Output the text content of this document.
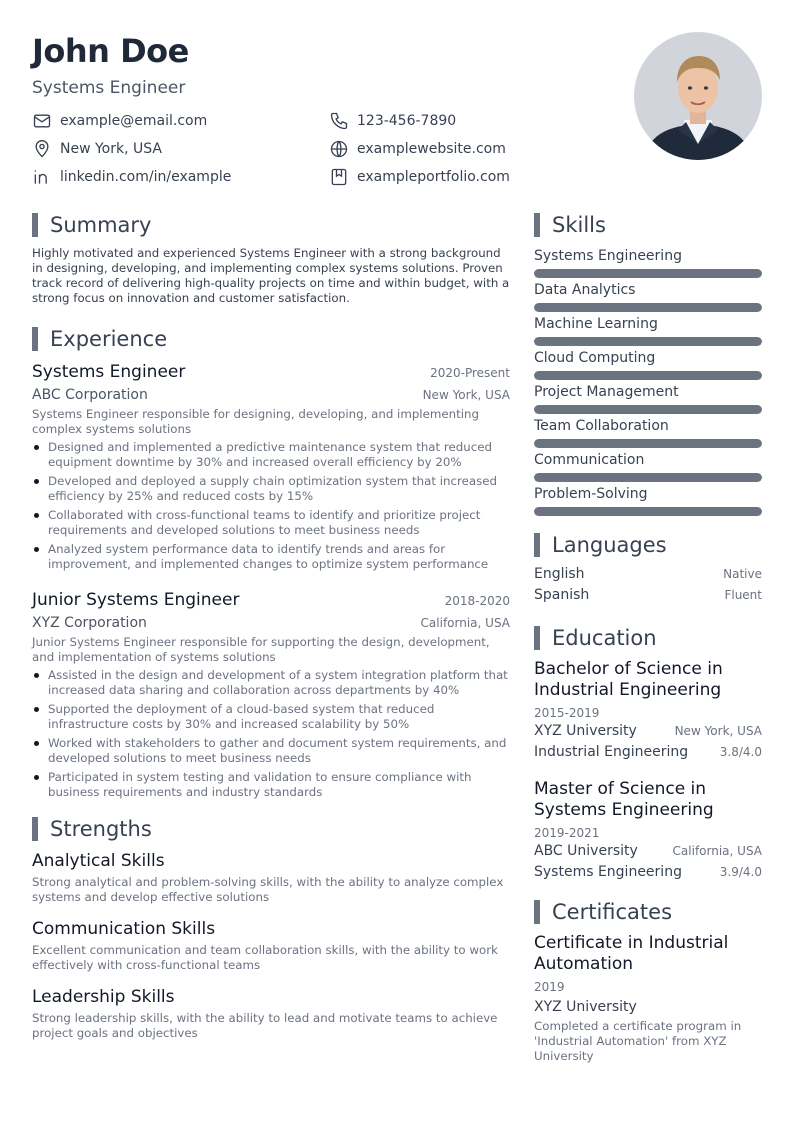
John Doe
Systems Engineer
example@email.com	123-456-7890
New York, USA	examplewebsite.com
linkedin.com/in/example	exampleportfolio.com
Summary

Highly motivated and experienced Systems Engineer with a strong background in designing, developing, and implementing complex systems solutions. Proven track record of delivering high-quality projects on time and within budget, with a strong focus on innovation and customer satisfaction.

Experience
Systems Engineer	2020-Present
ABC Corporation	New York, USA

Systems Engineer responsible for designing, developing, and implementing complex systems solutions

Designed and implemented a predictive maintenance system that reduced equipment downtime by 30% and increased overall efficiency by 20%
Developed and deployed a supply chain optimization system that increased efficiency by 25% and reduced costs by 15%
Collaborated with cross-functional teams to identify and prioritize project requirements and developed solutions to meet business needs
Analyzed system performance data to identify trends and areas for improvement, and implemented changes to optimize system performance
Junior Systems Engineer	2018-2020
XYZ Corporation	California, USA

Junior Systems Engineer responsible for supporting the design, development, and implementation of systems solutions

Assisted in the design and development of a system integration platform that increased data sharing and collaboration across departments by 40%
Supported the deployment of a cloud-based system that reduced infrastructure costs by 30% and increased scalability by 50%
Worked with stakeholders to gather and document system requirements, and developed solutions to meet business needs
Participated in system testing and validation to ensure compliance with business requirements and industry standards
Strengths
Analytical Skills

Strong analytical and problem-solving skills, with the ability to analyze complex systems and develop effective solutions

Communication Skills

Excellent communication and team collaboration skills, with the ability to work effectively with cross-functional teams

Leadership Skills

Strong leadership skills, with the ability to lead and motivate teams to achieve project goals and objectives

Skills
Systems Engineering
Data Analytics
Machine Learning
Cloud Computing
Project Management
Team Collaboration
Communication
Problem-Solving
Languages
English	Native
Spanish	Fluent
Education
Bachelor of Science in Industrial Engineering
2015-2019
XYZ University	New York, USA
Industrial Engineering	3.8/4.0
Master of Science in Systems Engineering
2019-2021
ABC University	California, USA
Systems Engineering	3.9/4.0
Certificates
Certificate in Industrial Automation
2019
XYZ University

Completed a certificate program in 'Industrial Automation' from XYZ University
